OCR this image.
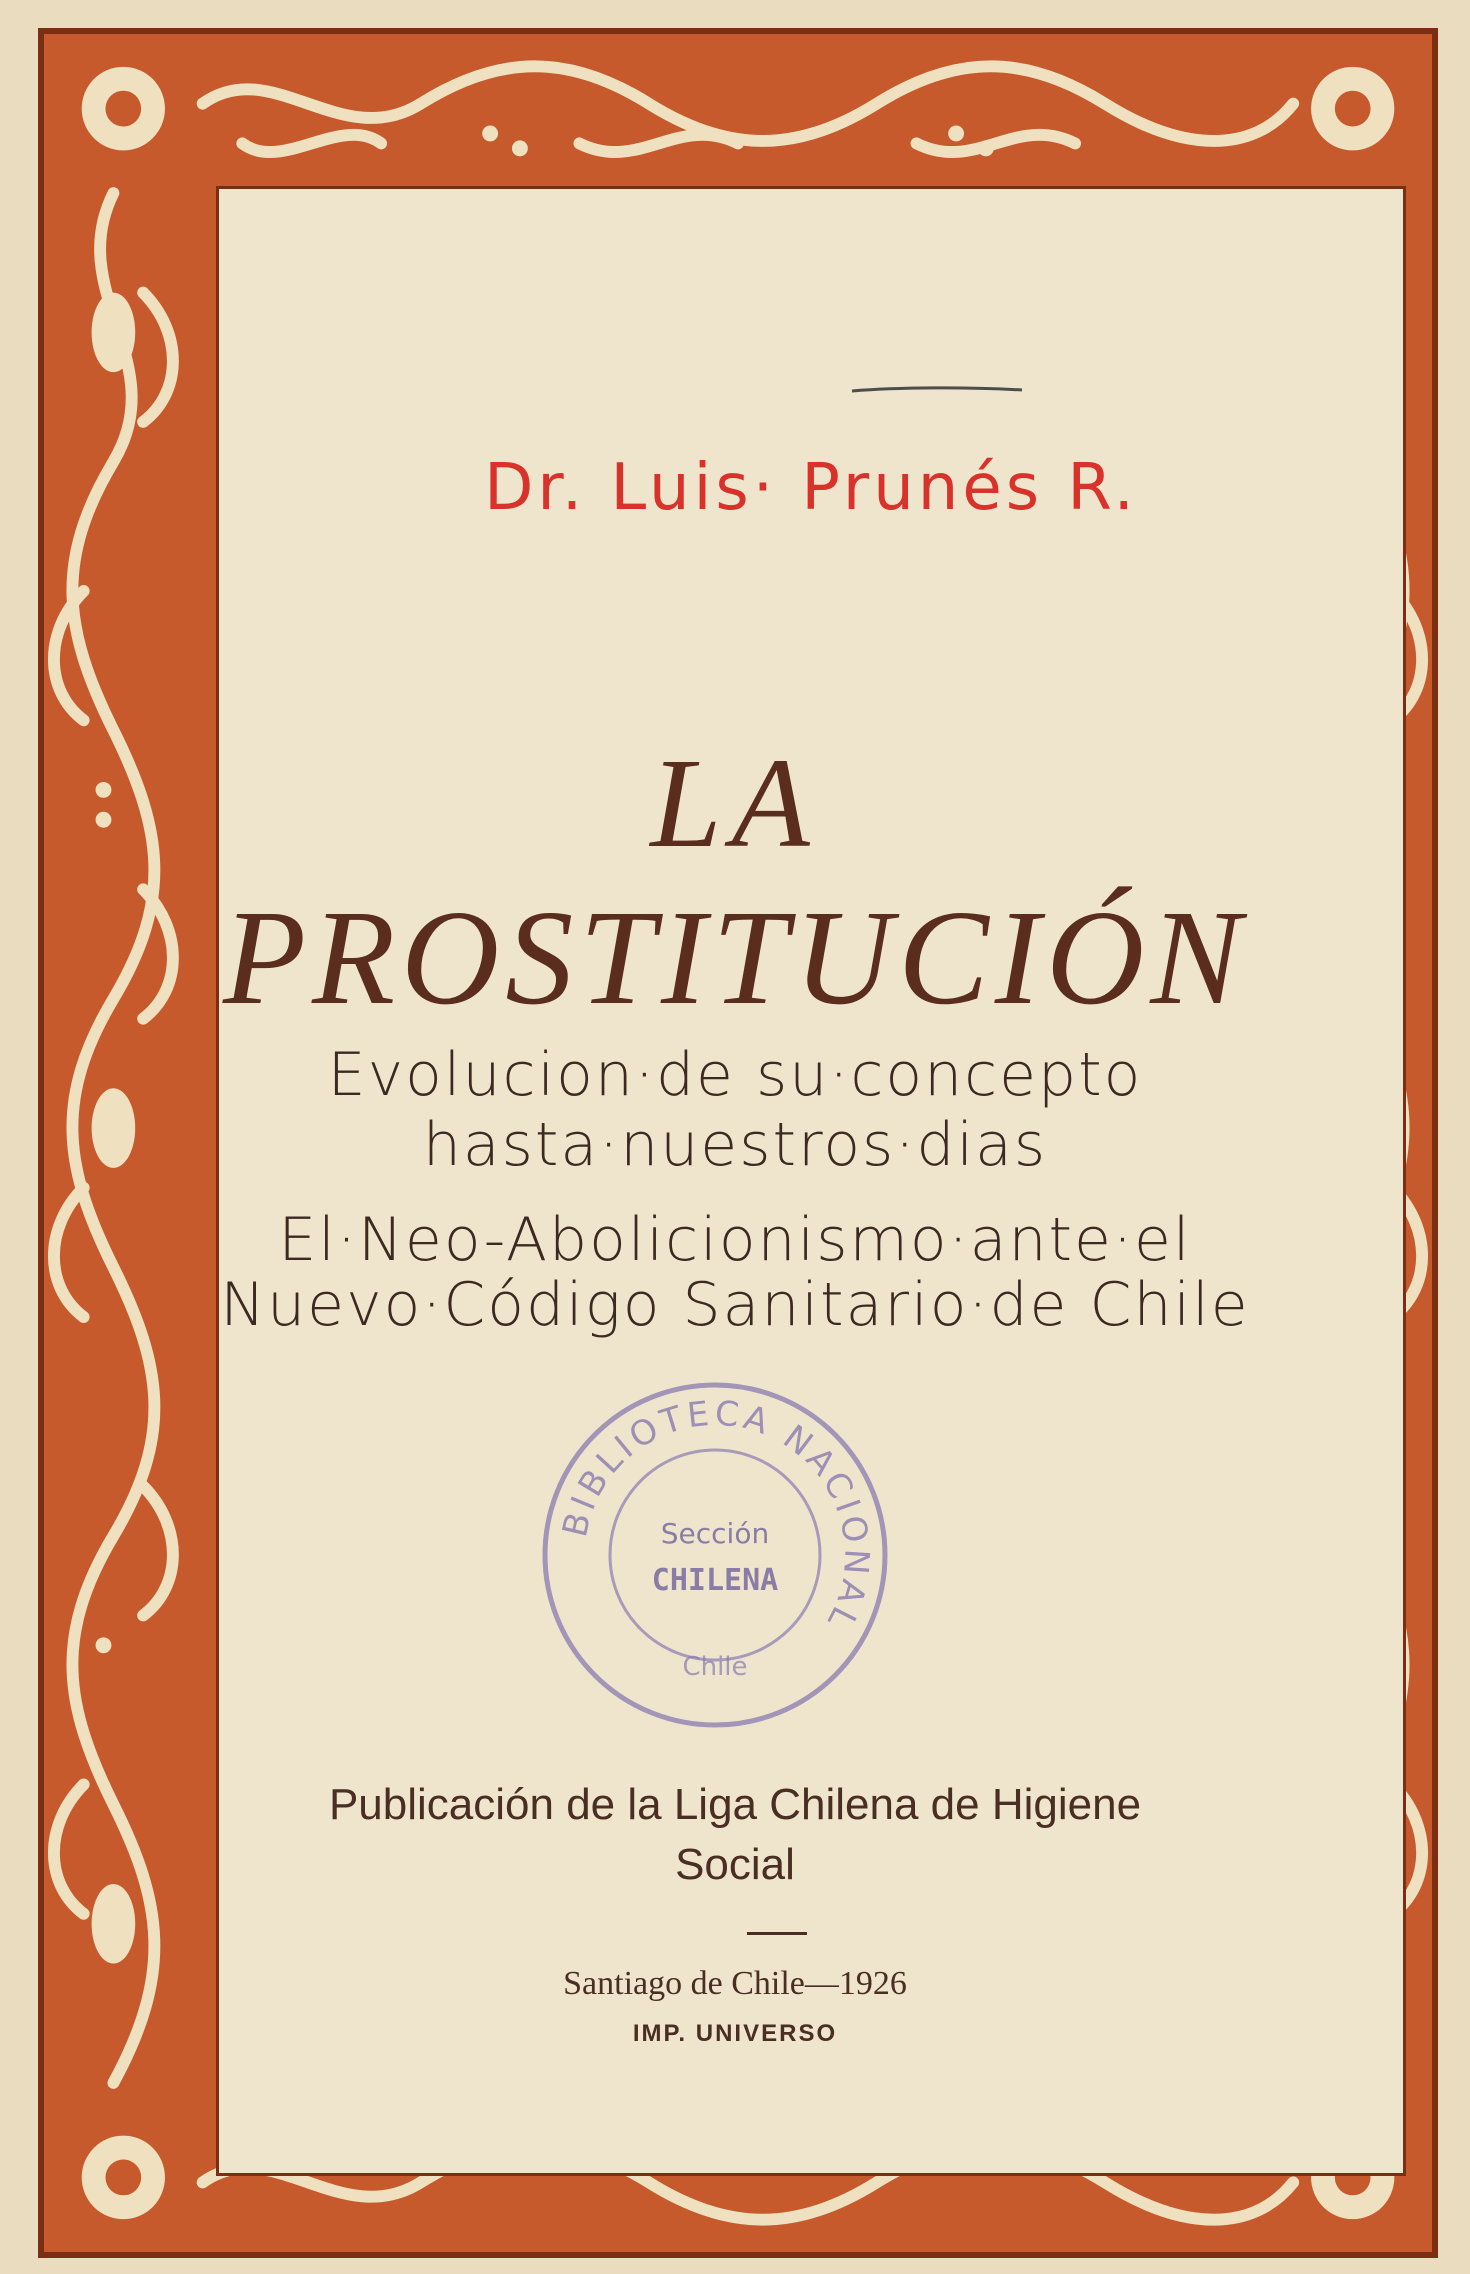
Dr. Luis· Prunés R.
LA
PROSTITUCIÓN
Evolucion·de su·concepto
hasta·nuestros·dias
El·Neo-Abolicionismo·ante·el
Nuevo·Código Sanitario·de Chile
BIBLIOTECA NACIONAL
Sección
CHILENA
Chile
Publicación de la Liga Chilena de Higiene
Social
Santiago de Chile—1926
IMP. UNIVERSO
